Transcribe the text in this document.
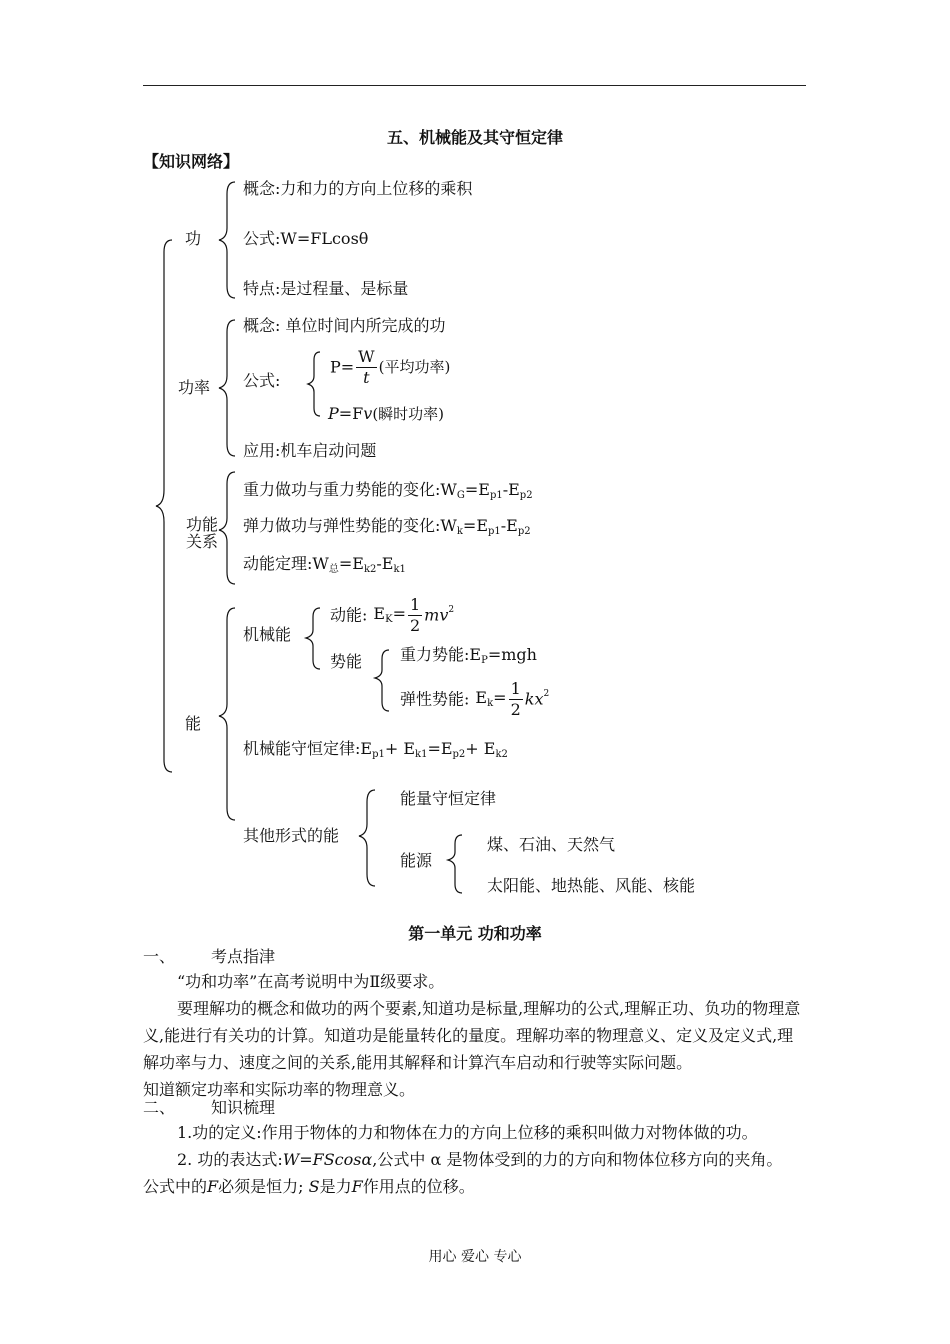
五、机械能及其守恒定律
【知识网络】
功
概念:力和力的方向上位移的乘积
公式:W=FLcosθ
特点:是过程量、是标量
功率
概念: 单位时间内所完成的功
公式:
$P= \frac{W}{t}$ (平均功率)
P=Fv(瞬时功率)
应用:机车启动问题
功能
关系
重力做功与重力势能的变化$:W_G=E_{p1}-E_{p2}$
弹力做功与弹性势能的变化$:W_k=E_{p1}-E_{p2}$
动能定理$:W_总=E_{k2}-E_{k1}$
能
机械能
动能: $E_K= \frac{1}{2} mv^2$
势能 重力势能$:E_P=mgh$
弹性势能: $E_k= \frac{1}{2} kx^2$
机械能守恒定律$:E_{p1}+ E_{k1}=E_{p2}+ E_{k2}$
其他形式的能
能量守恒定律
能源
煤、石油、天然气
太阳能、地热能、风能、核能
第一单元 功和功率
一、 考点指津

“功和功率”在高考说明中为Ⅱ级要求。

要理解功的概念和做功的两个要素,知道功是标量,理解功的公式,理解正功、负功的物理意义,能进行有关功的计算。知道功是能量转化的量度。理解功率的物理意义、定义及定义式,理解功率与力、速度之间的关系,能用其解释和计算汽车启动和行驶等实际问题。

知道额定功率和实际功率的物理意义。

二、 知识梳理

1.功的定义:作用于物体的力和物体在力的方向上位移的乘积叫做力对物体做的功。

2. 功的表达式:W=FScosα,公式中 α 是物体受到的力的方向和物体位移方向的夹角。

公式中的F必须是恒力; S是力F作用点的位移。

用心 爱心 专心
